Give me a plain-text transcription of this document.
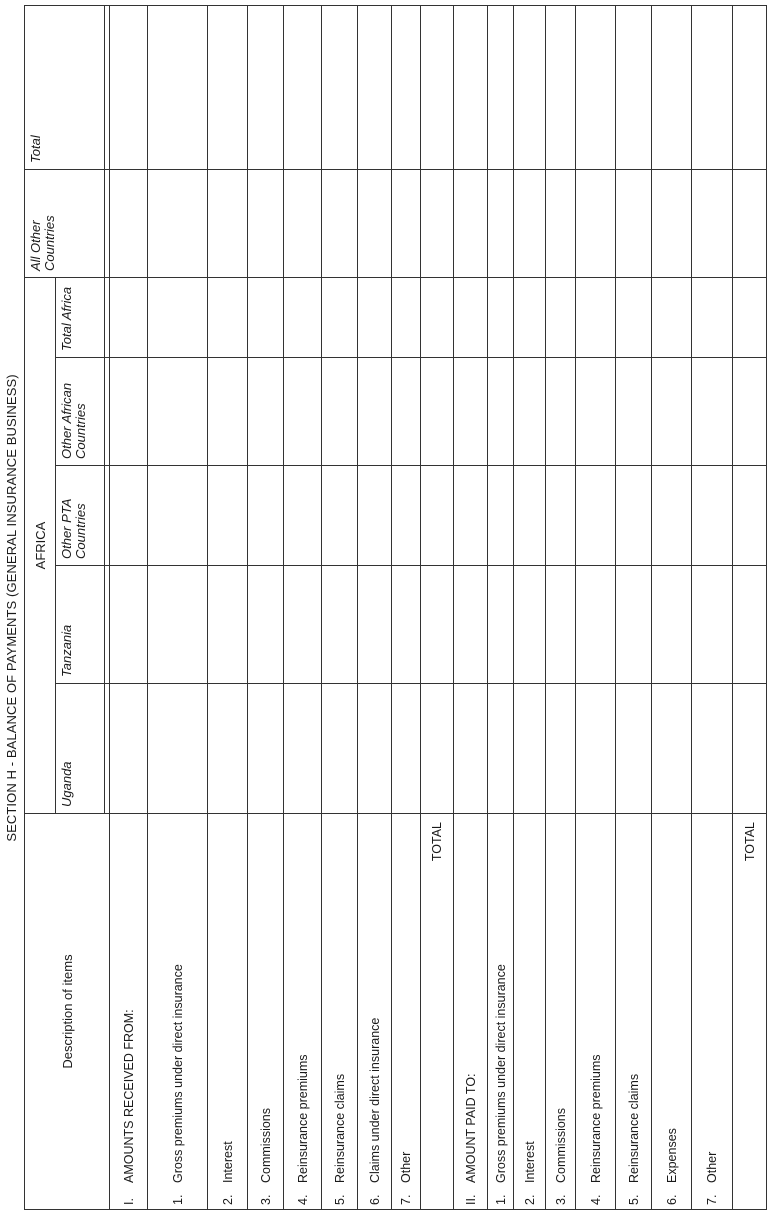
SECTION H - BALANCE OF PAYMENTS (GENERAL INSURANCE BUSINESS)
Description of items	AFRICA					All Other Countries	Total
	Uganda	Tanzania	Other PTA Countries	Other African Countries	Total Africa		

I.AMOUNTS RECEIVED FROM:							
1.Gross premiums under direct insurance							
2.Interest							
3.Commissions							
4.Reinsurance premiums							
5.Reinsurance claims							
6.Claims under direct insurance							
7.Other							
TOTAL							
II.AMOUNT PAID TO:							
1.Gross premiums under direct insurance							
2.Interest							
3.Commissions							
4.Reinsurance premiums							
5.Reinsurance claims							
6.Expenses							
7.Other							
TOTAL							
